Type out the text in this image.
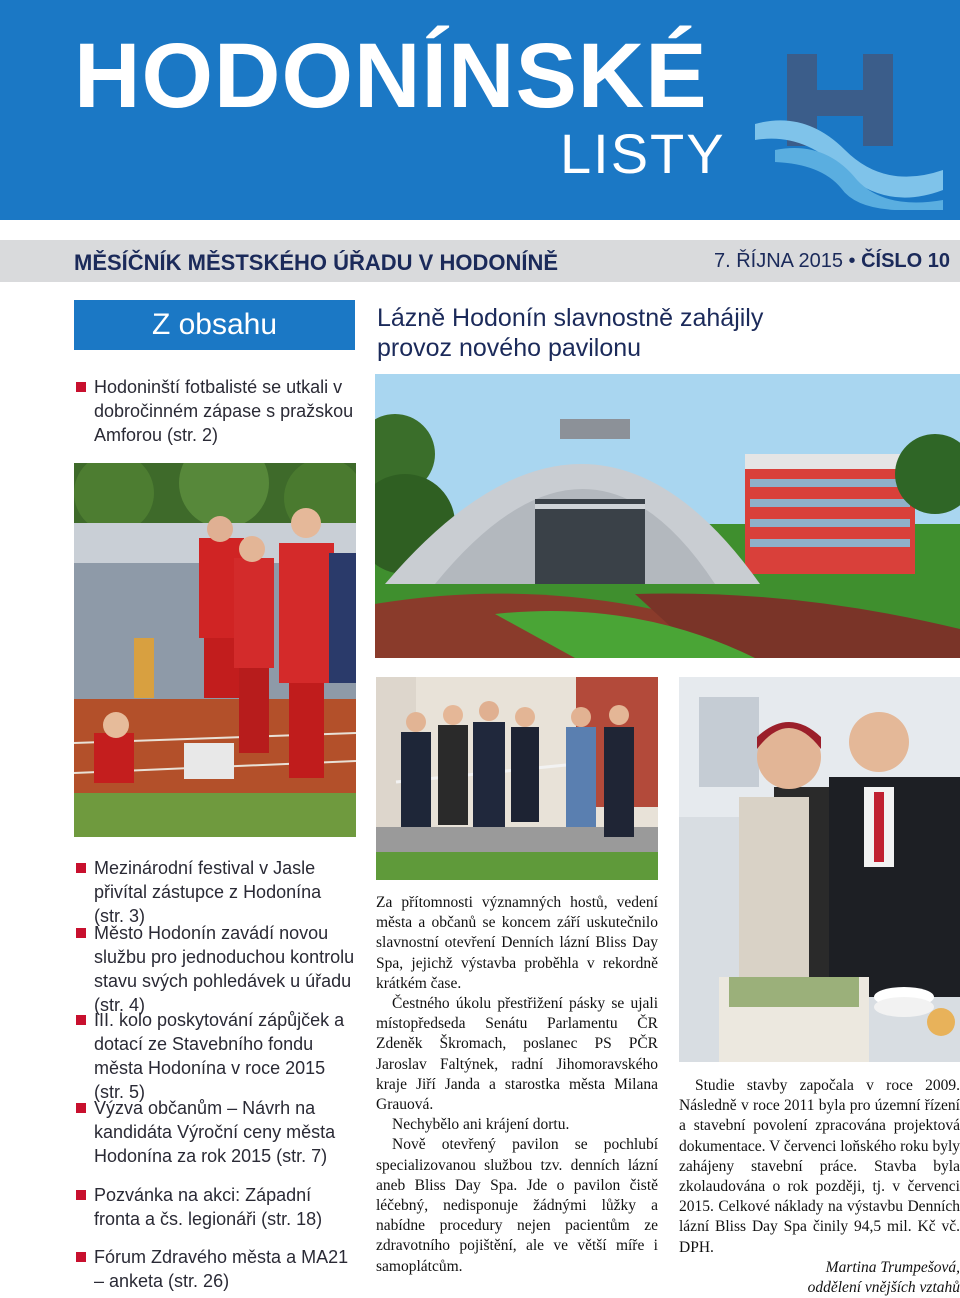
HODONÍNSKÉ
LISTY
MĚSÍČNÍK MĚSTSKÉHO ÚŘADU V HODONÍNĚ	7. ŘÍJNA 2015 • ČÍSLO 10
Z obsahu
Hodoninští fotbalisté se utkali v dobročinném zápase s pražskou Amforou (str. 2)
Mezinárodní festival v Jasle přivítal zástupce z Hodonína (str. 3)
Město Hodonín zavádí novou službu pro jednoduchou kontrolu stavu svých pohledávek u úřadu (str. 4)
III. kolo poskytování zápůjček a dotací ze Stavebního fondu města Hodonína v roce 2015 (str. 5)
Výzva občanům – Návrh na kandidáta Výroční ceny města Hodonína za rok 2015 (str. 7)
Pozvánka na akci: Západní fronta a čs. legionáři (str. 18)
Fórum Zdravého města a MA21 – anketa (str. 26)
Lázně Hodonín slavnostně zahájily provoz nového pavilonu

Za přítomnosti významných hostů, vedení města a občanů se koncem září uskutečnilo slavnostní otevření Denních lázní Bliss Day Spa, jejichž výstavba proběhla v rekordně krátkém čase.

Čestného úkolu přestřižení pásky se ujali místopředseda Senátu Parlamentu ČR Zdeněk Škromach, poslanec PS PČR Jaroslav Faltýnek, radní Jihomoravského kraje Jiří Janda a starostka města Milana Grauová.

Nechybělo ani krájení dortu.

Nově otevřený pavilon se pochlubí specializovanou službou tzv. denních lázní aneb Bliss Day Spa. Jde o pavilon čistě léčebný, nedisponuje žádnými lůžky a nabídne procedury nejen pacientům ze zdravotního pojištění, ale ve větší míře i samoplátcům.

Studie stavby započala v roce 2009. Následně v roce 2011 byla pro územní řízení a stavební povolení zpracována projektová dokumentace. V červenci loňského roku byly zahájeny stavební práce. Stavba byla zkolaudována o rok později, tj. v červenci 2015. Celkové náklady na výstavbu Denních lázní Bliss Day Spa činily 94,5 mil. Kč vč. DPH.

Martina Trumpešová,

oddělení vnějších vztahů
